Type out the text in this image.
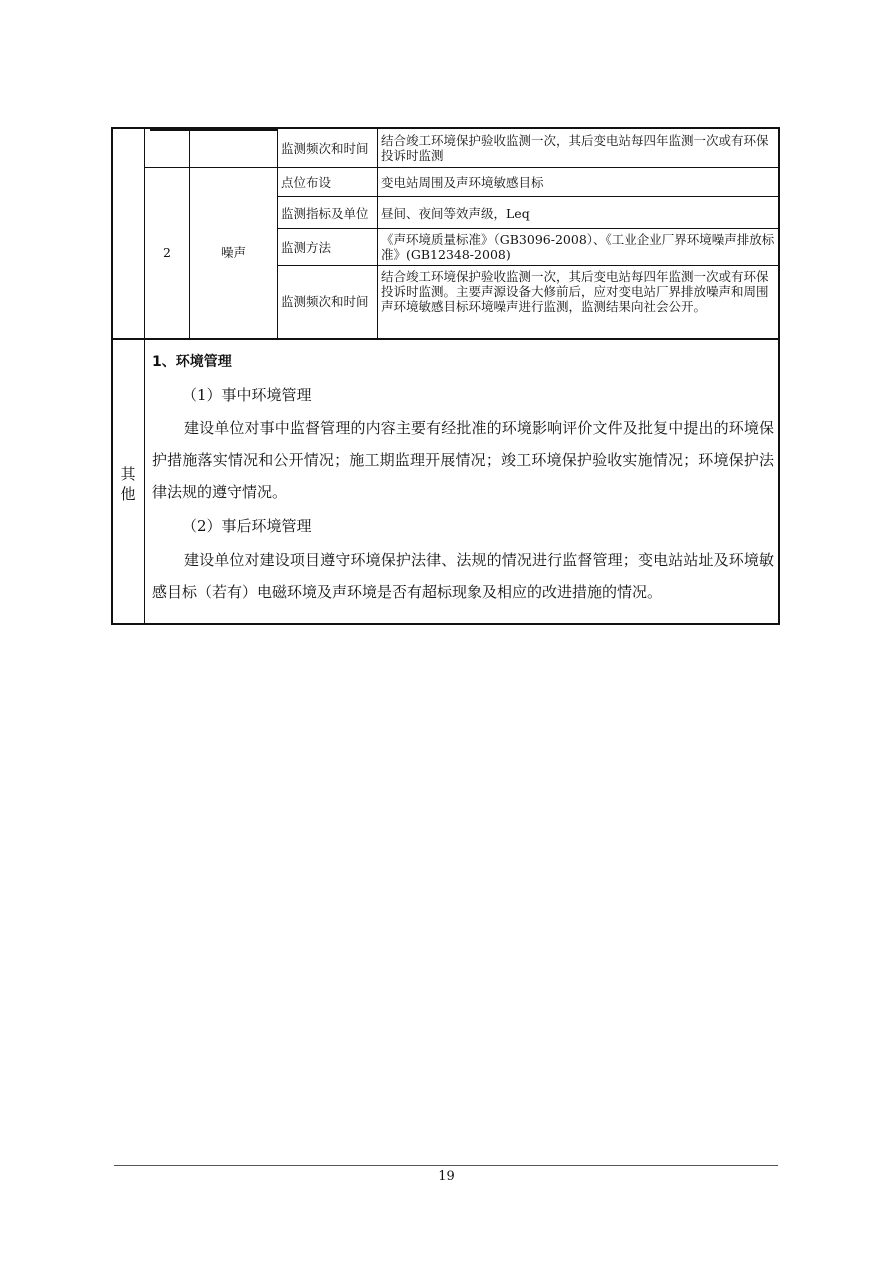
监测频次和时间
结合竣工环境保护验收监测一次，其后变电站每四年监测一次或有环保投诉时监测
2	噪声
点位布设	变电站周围及声环境敏感目标
监测指标及单位 昼间、夜间等效声级，Leq
监测方法
《声环境质量标准》（GB3096-2008）、《工业企业厂界环境噪声排放标准》(GB12348-2008)
监测频次和时间
结合竣工环境保护验收监测一次，其后变电站每四年监测一次或有环保投诉时监测。主要声源设备大修前后，应对变电站厂界排放噪声和周围声环境敏感目标环境噪声进行监测，监测结果向社会公开。
其
他
1、环境管理
（1）事中环境管理
建设单位对事中监督管理的内容主要有经批准的环境影响评价文件及批复中提出的环境保护措施落实情况和公开情况；施工期监理开展情况；竣工环境保护验收实施情况；环境保护法律法规的遵守情况。
（2）事后环境管理
建设单位对建设项目遵守环境保护法律、法规的情况进行监督管理；变电站站址及环境敏感目标（若有）电磁环境及声环境是否有超标现象及相应的改进措施的情况。
19
